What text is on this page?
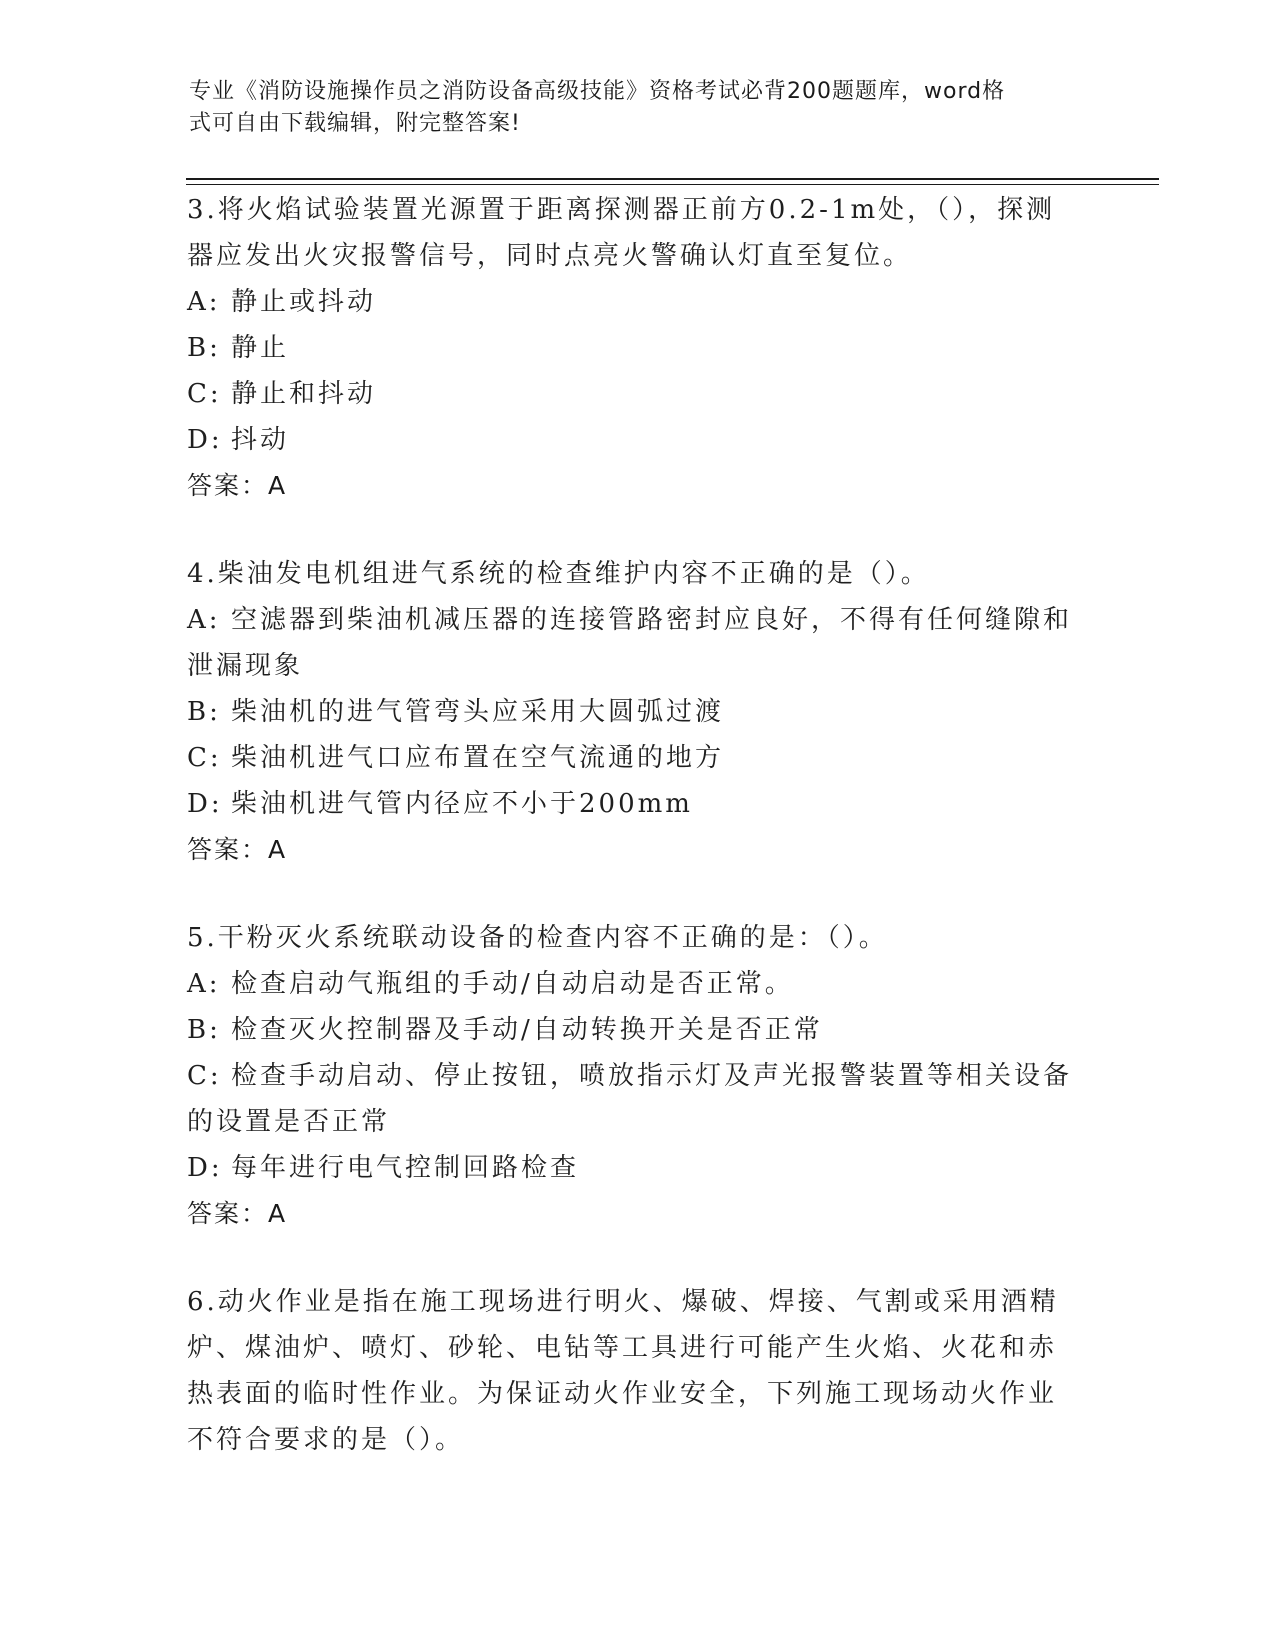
专业《消防设施操作员之消防设备高级技能》资格考试必背200题题库，word格
式可自由下载编辑，附完整答案!
3.将火焰试验装置光源置于距离探测器正前方0.2-1m处，（），探测
器应发出火灾报警信号，同时点亮火警确认灯直至复位。
A: 静止或抖动
B: 静止
C: 静止和抖动
D: 抖动
答案：A
4.柴油发电机组进气系统的检查维护内容不正确的是（）。
A: 空滤器到柴油机减压器的连接管路密封应良好，不得有任何缝隙和
泄漏现象
B: 柴油机的进气管弯头应采用大圆弧过渡
C: 柴油机进气口应布置在空气流通的地方
D: 柴油机进气管内径应不小于200mm
答案：A
5.干粉灭火系统联动设备的检查内容不正确的是：（）。
A: 检查启动气瓶组的手动/自动启动是否正常。
B: 检查灭火控制器及手动/自动转换开关是否正常
C: 检查手动启动、停止按钮，喷放指示灯及声光报警装置等相关设备
的设置是否正常
D: 每年进行电气控制回路检查
答案：A
6.动火作业是指在施工现场进行明火、爆破、焊接、气割或采用酒精
炉、煤油炉、喷灯、砂轮、电钻等工具进行可能产生火焰、火花和赤
热表面的临时性作业。为保证动火作业安全，下列施工现场动火作业
不符合要求的是（）。
